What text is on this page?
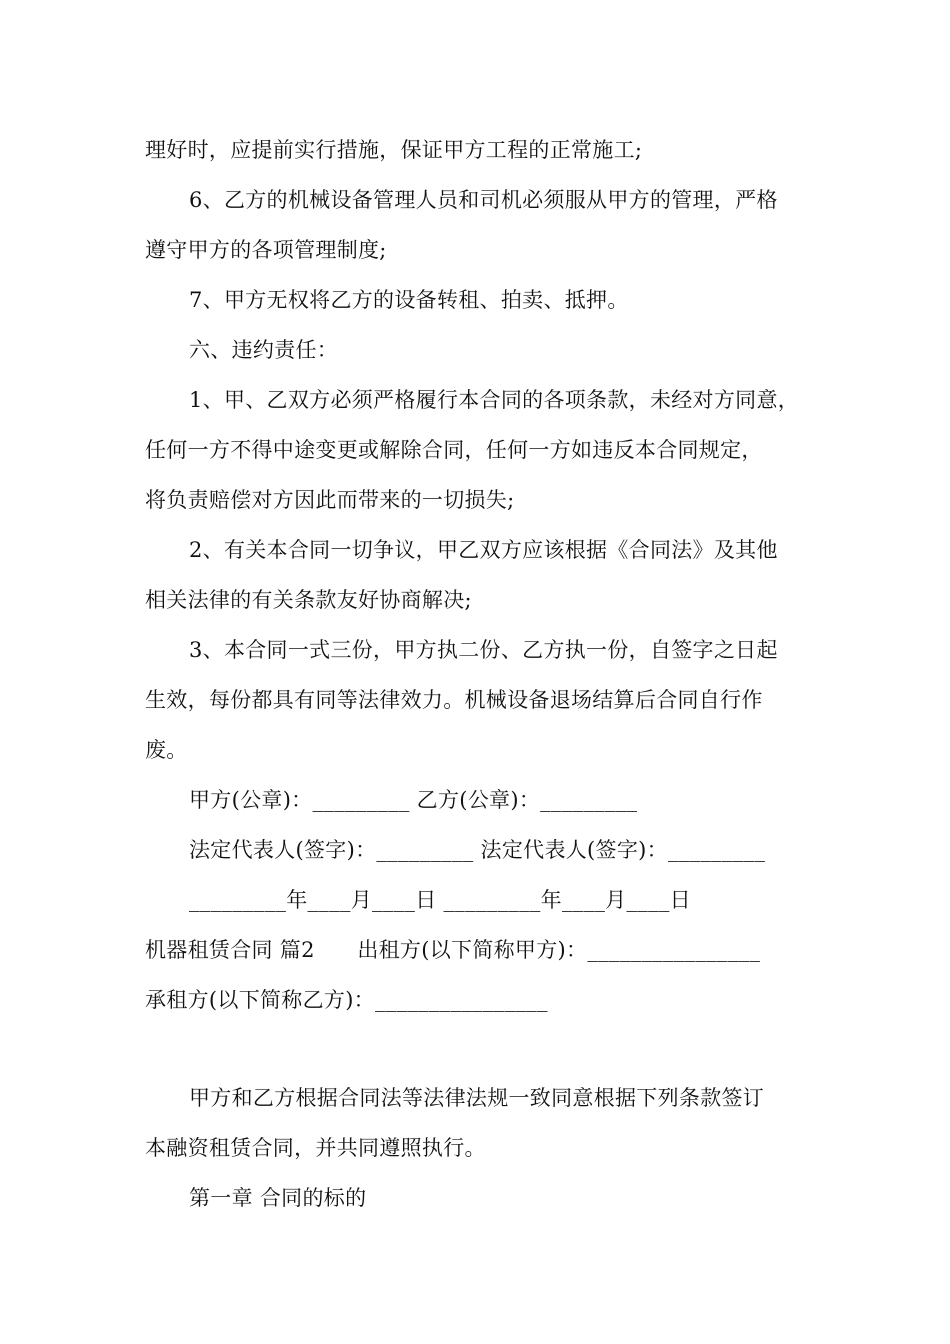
理好时，应提前实行措施，保证甲方工程的正常施工;
6、乙方的机械设备管理人员和司机必须服从甲方的管理，严格
遵守甲方的各项管理制度;
7、甲方无权将乙方的设备转租、拍卖、抵押。
六、违约责任：
1、甲、乙双方必须严格履行本合同的各项条款，未经对方同意，
任何一方不得中途变更或解除合同，任何一方如违反本合同规定，
将负责赔偿对方因此而带来的一切损失;
2、有关本合同一切争议，甲乙双方应该根据《合同法》及其他
相关法律的有关条款友好协商解决;
3、本合同一式三份，甲方执二份、乙方执一份，自签字之日起
生效，每份都具有同等法律效力。机械设备退场结算后合同自行作
废。
甲方(公章)：_________ 乙方(公章)：_________
法定代表人(签字)：_________ 法定代表人(签字)：_________
_________年____月____日 _________年____月____日
机器租赁合同 篇2　　出租方(以下简称甲方)：________________
承租方(以下简称乙方)：________________
甲方和乙方根据合同法等法律法规一致同意根据下列条款签订
本融资租赁合同，并共同遵照执行。
第一章 合同的标的
